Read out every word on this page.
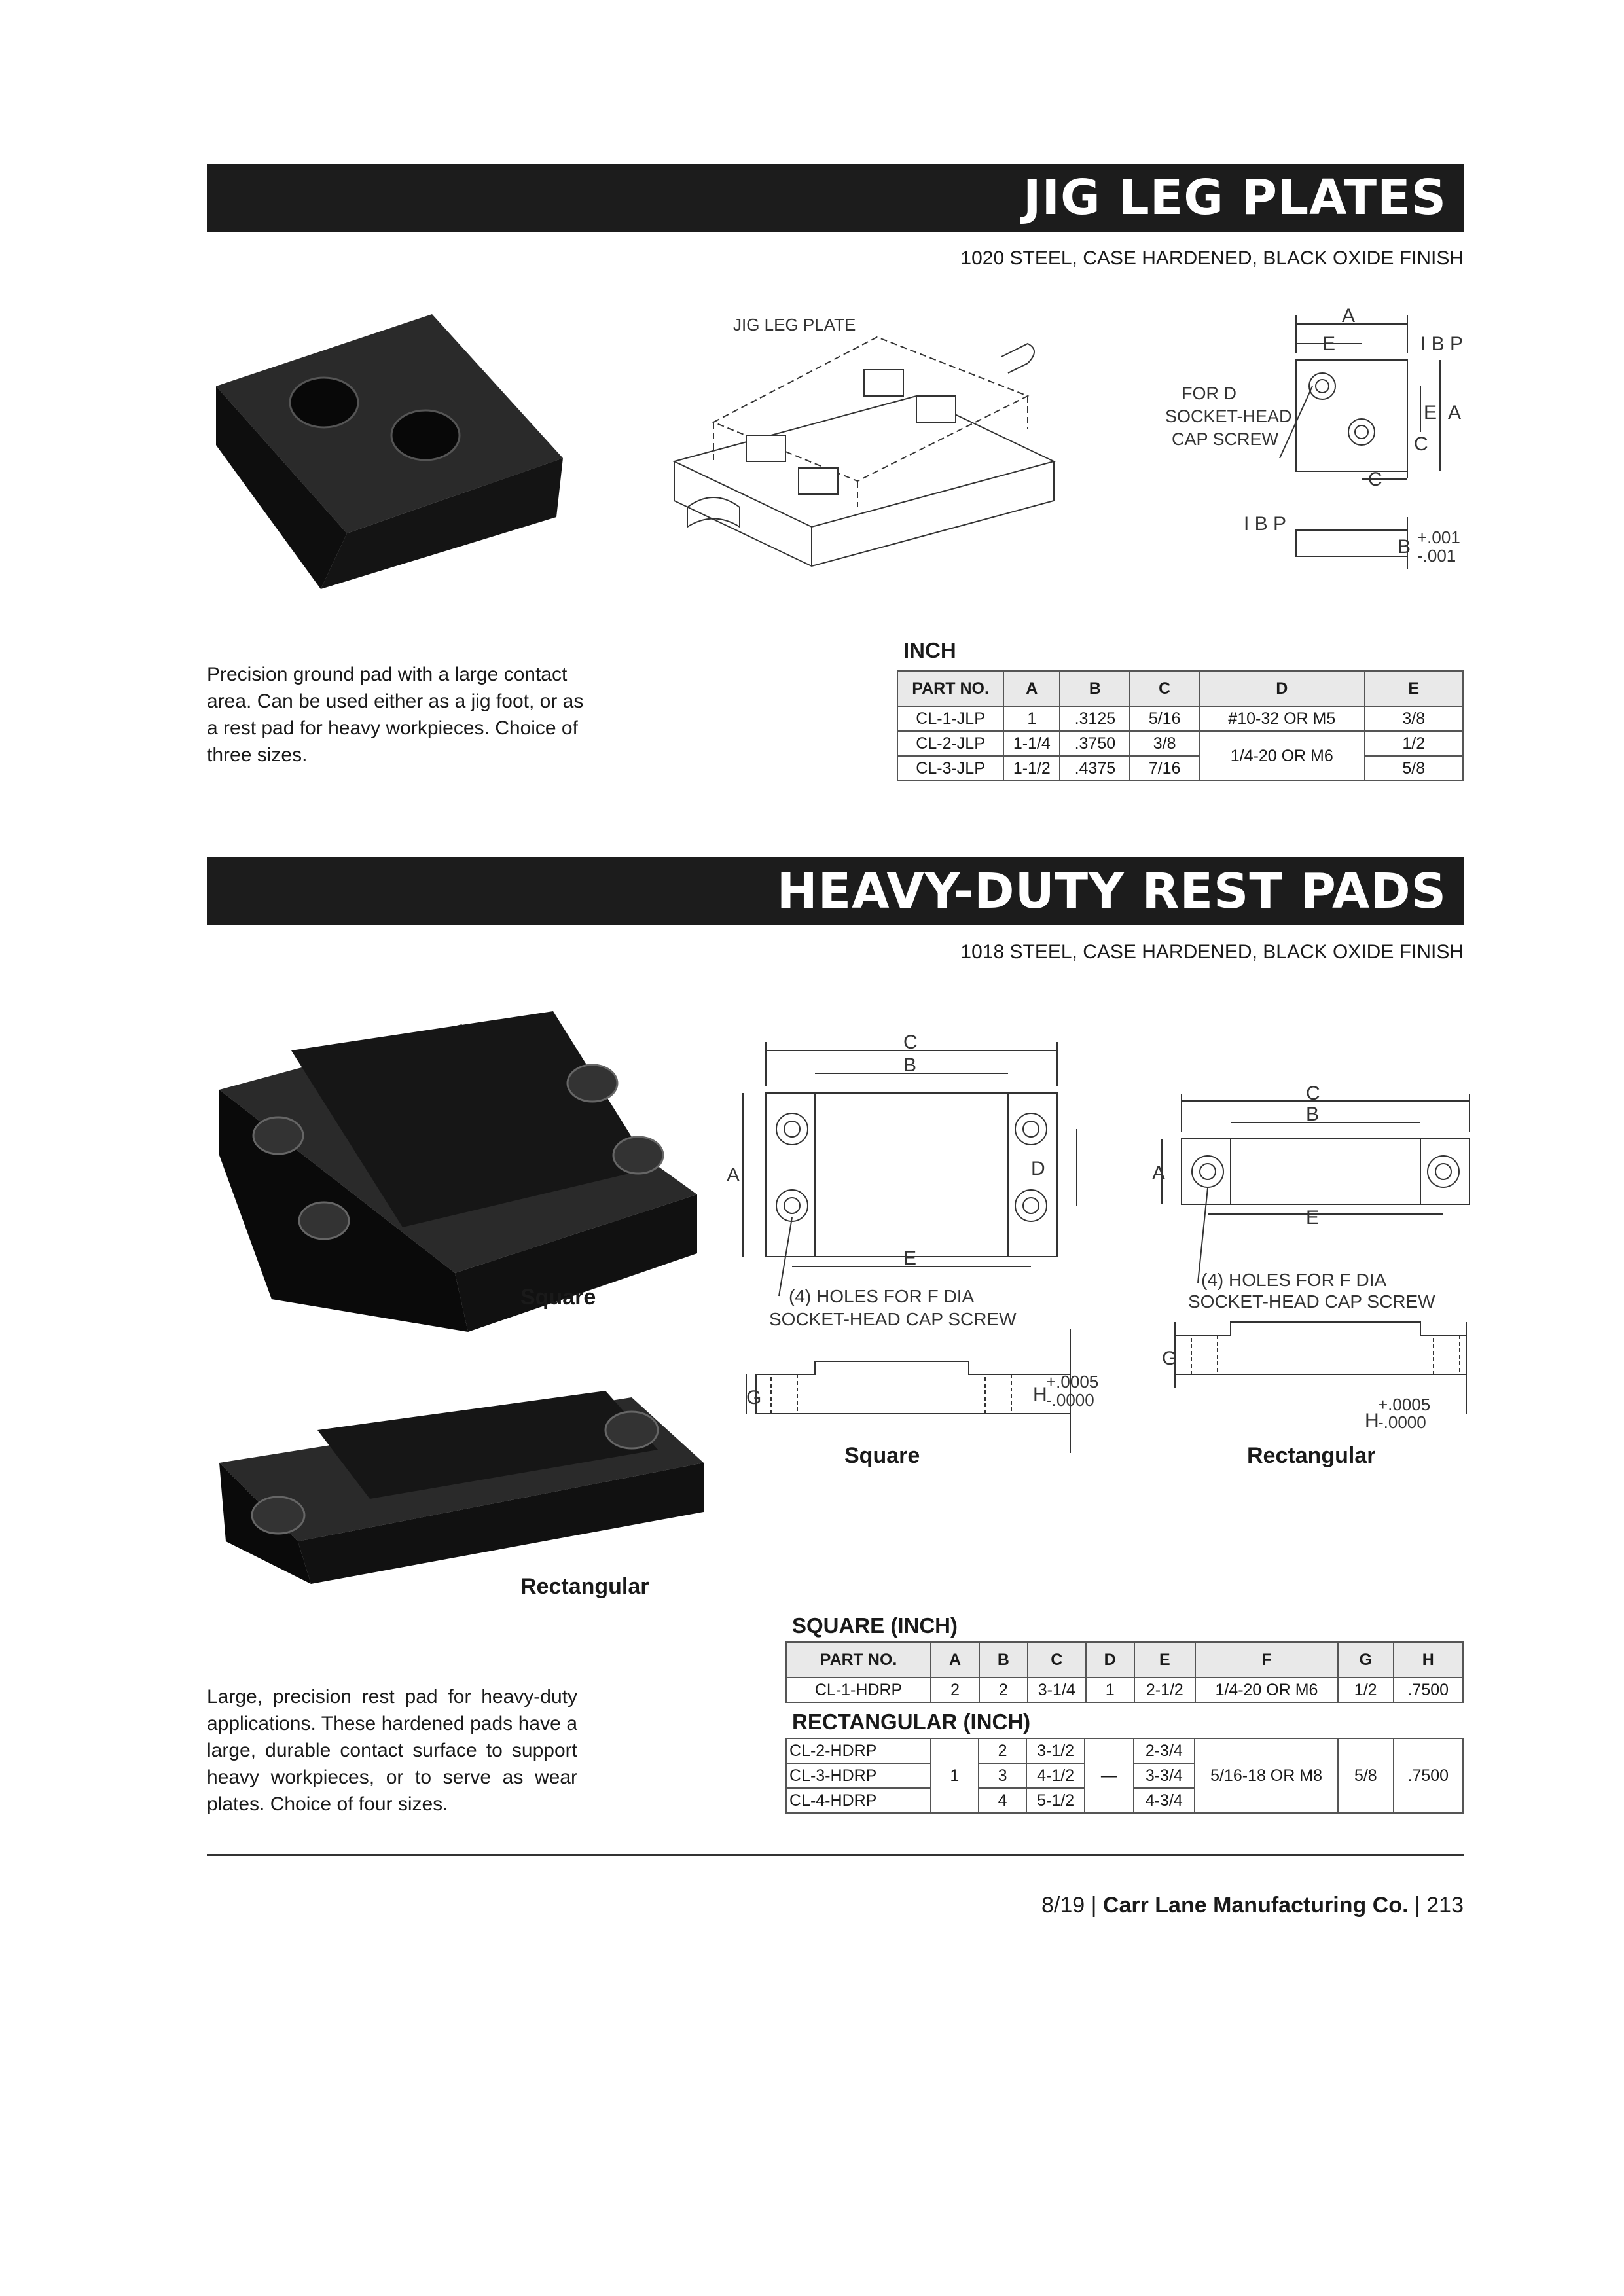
JIG LEG PLATES
1020 STEEL, CASE HARDENED, BLACK OXIDE FINISH
JIG LEG PLATE	A
E	I B P
FOR D
SOCKET-HEAD
CAP SCREW
E A
C
C
I B P
B +.001
-.001
Precision ground pad with a large contact area. Can be used either as a jig foot, or as a rest pad for heavy workpieces. Choice of three sizes.
INCH
PART NO.	A	B	C	D	E
CL-1-JLP	1	.3125	5/16	#10-32 OR M5	3/8
CL-2-JLP	1-1/4	.3750	3/8	1/4-20 OR M6	1/2
CL-3-JLP	1-1/2	.4375	7/16		5/8
HEAVY-DUTY REST PADS
1018 STEEL, CASE HARDENED, BLACK OXIDE FINISH
Square
Rectangular
C
B
A	D
E
(4) HOLES FOR F DIA
SOCKET-HEAD CAP SCREW
G	H
+.0005
-.0000
Square
C
B
A
E
(4) HOLES FOR F DIA
SOCKET-HEAD CAP SCREW
G
H
+.0005
-.0000
Rectangular
Large, precision rest pad for heavy-duty applications. These hardened pads have a large, durable contact surface to support heavy workpieces, or to serve as wear plates. Choice of four sizes.
SQUARE (INCH)
PART NO.	A	B	C	D	E	F	G	H
CL-1-HDRP	2	2	3-1/4	1	2-1/2	1/4-20 OR M6	1/2	.7500
RECTANGULAR (INCH)
CL-2-HDRP	1	2	3-1/2	—	2-3/4	5/16-18 OR M8	5/8	.7500
CL-3-HDRP		3	4-1/2		3-3/4			
CL-4-HDRP		4	5-1/2		4-3/4			
8/19 | Carr Lane Manufacturing Co. | 213
